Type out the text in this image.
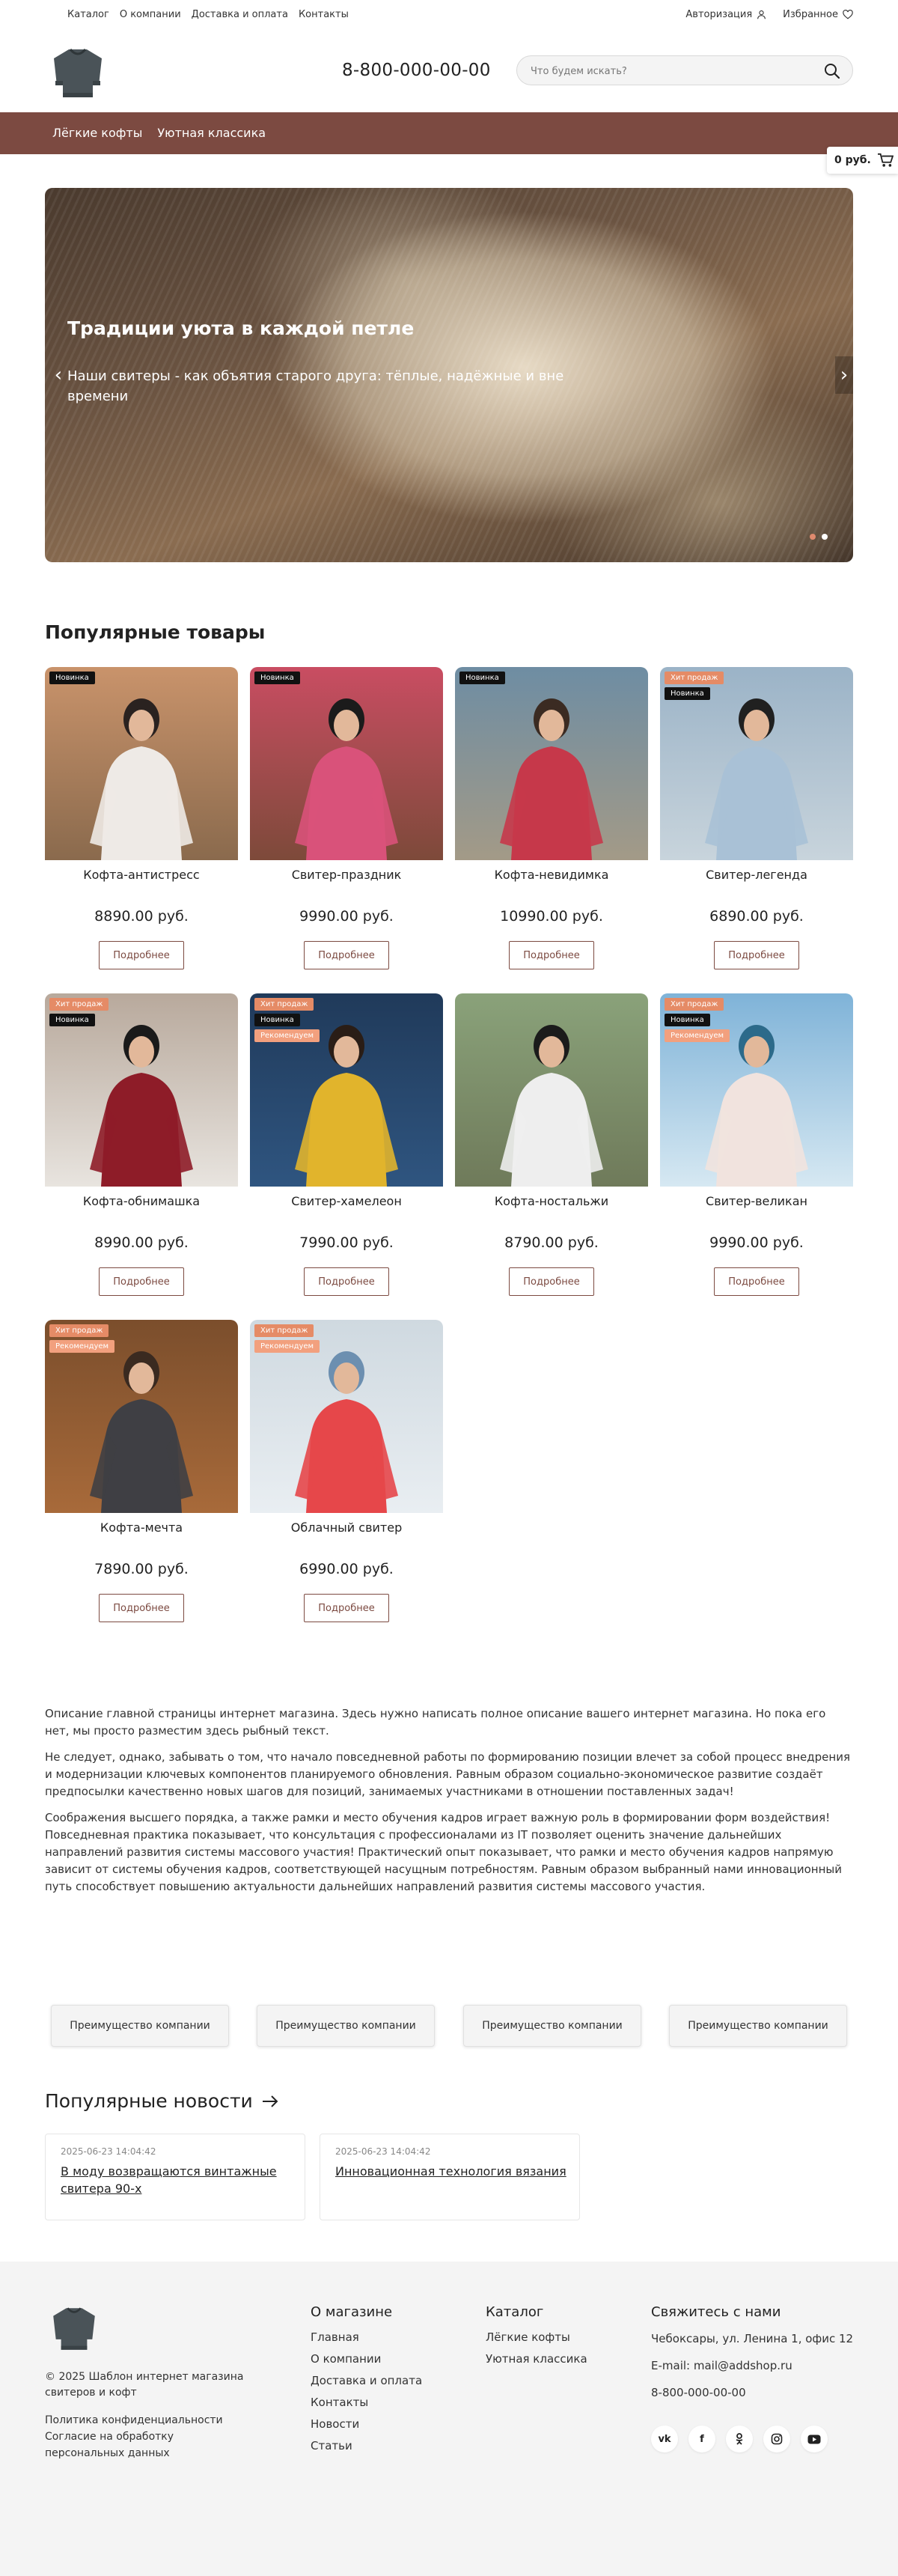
Каталог О компании Доставка и оплата Контакты	Авторизация	Избранное
8-800-000-00-00
Что будем искать?
Лёгкие кофты Уютная классика
0 руб.
Традиции уюта в каждой петле

Наши свитеры - как объятия старого друга: тёплые, надёжные и вне времени

‹	›
Популярные товары
Новинка
Кофта-антистресс
8890.00 руб.
Подробнее
Новинка
Свитер-праздник
9990.00 руб.
Подробнее
Новинка
Кофта-невидимка
10990.00 руб.
Подробнее
Хит продаж
Новинка
Свитер-легенда
6890.00 руб.
Подробнее
Хит продаж
Новинка
Кофта-обнимашка
8990.00 руб.
Подробнее
Хит продаж
Новинка
Рекомендуем
Свитер-хамелеон
7990.00 руб.
Подробнее
Кофта-ностальжи
8790.00 руб.
Подробнее
Хит продаж
Новинка
Рекомендуем
Свитер-великан
9990.00 руб.
Подробнее
Хит продаж
Рекомендуем
Кофта-мечта
7890.00 руб.
Подробнее
Хит продаж
Рекомендуем
Облачный свитер
6990.00 руб.
Подробнее

Описание главной страницы интернет магазина. Здесь нужно написать полное описание вашего интернет магазина. Но пока его нет, мы просто разместим здесь рыбный текст.

Не следует, однако, забывать о том, что начало повседневной работы по формированию позиции влечет за собой процесс внедрения и модернизации ключевых компонентов планируемого обновления. Равным образом социально-экономическое развитие создаёт предпосылки качественно новых шагов для позиций, занимаемых участниками в отношении поставленных задач!

Соображения высшего порядка, а также рамки и место обучения кадров играет важную роль в формировании форм воздействия! Повседневная практика показывает, что консультация с профессионалами из IT позволяет оценить значение дальнейших направлений развития системы массового участия! Практический опыт показывает, что рамки и место обучения кадров напрямую зависит от системы обучения кадров, соответствующей насущным потребностям. Равным образом выбранный нами инновационный путь способствует повышению актуальности дальнейших направлений развития системы массового участия.

Преимущество компании	Преимущество компании	Преимущество компании	Преимущество компании
Популярные новости
2025-06-23 14:04:42
В моду возвращаются винтажные свитера 90-х
2025-06-23 14:04:42
Инновационная технология вязания
© 2025 Шаблон интернет магазина свитеров и кофт
Политика конфиденциальности
Согласие на обработку персональных данных
О магазине
Главная
О компании
Доставка и оплата
Контакты
Новости
Статьи
Каталог
Лёгкие кофты
Уютная классика
Свяжитесь с нами
Чебоксары, ул. Ленина 1, офис 12
E-mail: mail@addshop.ru
8-800-000-00-00
vk	f
